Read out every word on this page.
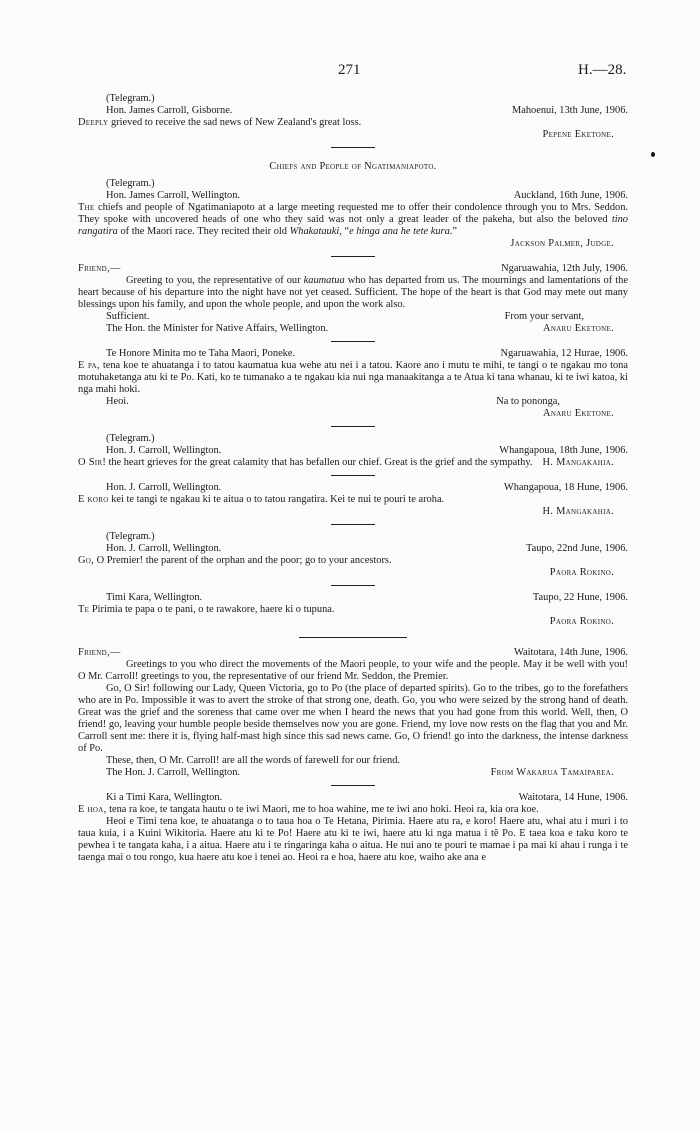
271	H.—28.

(Telegram.)

Hon. James Carroll, Gisborne.	Mahoenui, 13th June, 1906.

Deeply grieved to receive the sad news of New Zealand's great loss.

Pepene Eketone.

Chiefs and People of Ngatimaniapoto.

(Telegram.)

Hon. James Carroll, Wellington.	Auckland, 16th June, 1906.

The chiefs and people of Ngatimaniapoto at a large meeting requested me to offer their condolence through you to Mrs. Seddon. They spoke with uncovered heads of one who they said was not only a great leader of the pakeha, but also the beloved tino rangatira of the Maori race. They recited their old Whakatauki, “e hinga ana he tete kura.”

Jackson Palmer, Judge.

Friend,—	Ngaruawahia, 12th July, 1906.

Greeting to you, the representative of our kaumatua who has departed from us. The mournings and lamentations of the heart because of his departure into the night have not yet ceased. Sufficient. The hope of the heart is that God may mete out many blessings upon his family, and upon the whole people, and upon the work also.

Sufficient.	From your servant,
The Hon. the Minister for Native Affairs, Wellington.	Anaru Eketone.
Te Honore Minita mo te Taha Maori, Poneke.	Ngaruawahia, 12 Hurae, 1906.

E pa, tena koe te ahuatanga i to tatou kaumatua kua wehe atu nei i a tatou. Kaore ano i mutu te mihi, te tangi o te ngakau mo tona motuhaketanga atu ki te Po. Kati, ko te tumanako a te ngakau kia nui nga manaakitanga a te Atua ki tana whanau, ki te iwi katoa, ki nga mahi hoki.

Heoi.	Na to pononga,

Anaru Eketone.

(Telegram.)

Hon. J. Carroll, Wellington.	Whangapoua, 18th June, 1906.

O Sir! the heart grieves for the great calamity that has befallen our chief. Great is the grief and the sympathy. H. Mangakahia.

Hon. J. Carroll, Wellington.	Whangapoua, 18 Hune, 1906.

E koro kei te tangi te ngakau ki te aitua o to tatou rangatira. Kei te nui te pouri te aroha.

H. Mangakahia.

(Telegram.)

Hon. J. Carroll, Wellington.	Taupo, 22nd June, 1906.

Go, O Premier! the parent of the orphan and the poor; go to your ancestors.

Paora Rokino.

Timi Kara, Wellington.	Taupo, 22 Hune, 1906.

Te Pirimia te papa o te pani, o te rawakore, haere ki o tupuna.

Paora Rokino.

Friend,—	Waitotara, 14th June, 1906.

Greetings to you who direct the movements of the Maori people, to your wife and the people. May it be well with you! O Mr. Carroll! greetings to you, the representative of our friend Mr. Seddon, the Premier.

Go, O Sir! following our Lady, Queen Victoria, go to Po (the place of departed spirits). Go to the tribes, go to the forefathers who are in Po. Impossible it was to avert the stroke of that strong one, death. Go, you who were seized by the strong hand of death. Great was the grief and the soreness that came over me when I heard the news that you had gone from this world. Well, then, O friend! go, leaving your humble people beside themselves now you are gone. Friend, my love now rests on the flag that you and Mr. Carroll sent me: there it is, flying half-mast high since this sad news came. Go, O friend! go into the darkness, the intense darkness of Po.

These, then, O Mr. Carroll! are all the words of farewell for our friend.

The Hon. J. Carroll, Wellington.	From Wakarua Tamaiparea.
Ki a Timi Kara, Wellington.	Waitotara, 14 Hune, 1906.

E hoa, tena ra koe, te tangata hautu o te iwi Maori, me to hoa wahine, me te iwi ano hoki. Heoi ra, kia ora koe.

Heoi e Timi tena koe, te ahuatanga o to taua hoa o Te Hetana, Pirimia. Haere atu ra, e koro! Haere atu, whai atu i muri i to taua kuia, i a Kuini Wikitoria. Haere atu ki te Po! Haere atu ki te iwi, haere atu ki nga matua i tĕ Po. E taea koa e taku koro te pewhea i te tangata kaha, i a aitua. Haere atu i te ringaringa kaha o aitua. He nui ano te pouri te mamae i pa mai ki ahau i runga i te taenga mai o tou rongo, kua haere atu koe i tenei ao. Heoi ra e hoa, haere atu koe, waiho ake ana e
